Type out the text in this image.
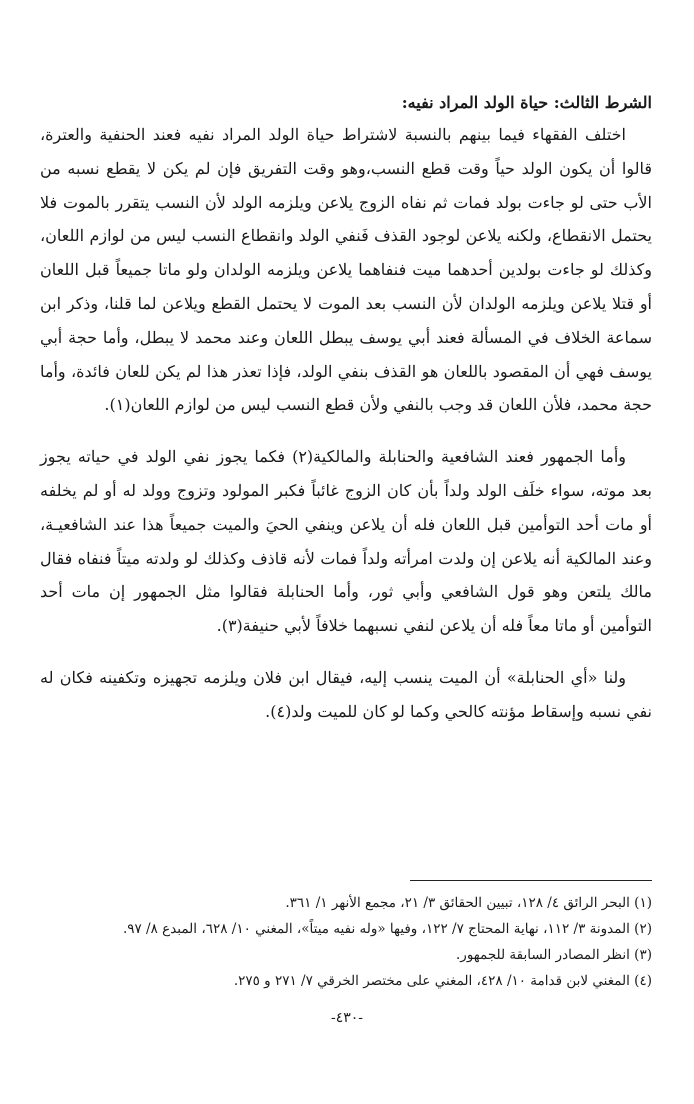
الشرط الثالث: حياة الولد المراد نفيه:

اختلف الفقهاء فيما بينهم بالنسبة لاشتراط حياة الولد المراد نفيه فعند الحنفية والعترة، قالوا أن يكون الولد حياً وقت قطع النسب،وهو وقت التفريق فإن لم يكن لا يقطع نسبه من الأب حتى لو جاءت بولد فمات ثم نفاه الزوج يلاعن ويلزمه الولد لأن النسب يتقرر بالموت فلا يحتمل الانقطاع، ولكنه يلاعن لوجود القذف فَنفي الولد وانقطاع النسب ليس من لوازم اللعان، وكذلك لو جاءت بولدين أحدهما ميت فنفاهما يلاعن ويلزمه الولدان ولو ماتا جميعاً قبل اللعان أو قتلا يلاعن ويلزمه الولدان لأن النسب بعد الموت لا يحتمل القطع ويلاعن لما قلنا، وذكر ابن سماعة الخلاف في المسألة فعند أبي يوسف يبطل اللعان وعند محمد لا يبطل، وأما حجة أبي يوسف فهي أن المقصود باللعان هو القذف بنفي الولد، فإذا تعذر هذا لم يكن للعان فائدة، وأما حجة محمد، فلأن اللعان قد وجب بالنفي ولأن قطع النسب ليس من لوازم اللعان(١).

وأما الجمهور فعند الشافعية والحنابلة والمالكية(٢) فكما يجوز نفي الولد في حياته يجوز بعد موته، سواء خلَف الولد ولداً بأن كان الزوج غائباً فكبر المولود وتزوج وولد له أو لم يخلفه أو مات أحد التوأمين قبل اللعان فله أن يلاعن وينفي الحيَ والميت جميعاً هذا عند الشافعيـة، وعند المالكية أنه يلاعن إن ولدت امرأته ولداً فمات لأنه قاذف وكذلك لو ولدته ميتاً فنفاه فقال مالك يلتعن وهو قول الشافعي وأبي ثور، وأما الحنابلة فقالوا مثل الجمهور إن مات أحد التوأمين أو ماتا معاً فله أن يلاعن لنفي نسبهما خلافاً لأبي حنيفة(٣).

ولنا «أي الحنابلة» أن الميت ينسب إليه، فيقال ابن فلان ويلزمه تجهيزه وتكفينه فكان له نفي نسبه وإسقاط مؤنته كالحي وكما لو كان للميت ولد(٤).

(١) البحر الرائق ٤/ ١٢٨، تبيين الحقائق ٣/ ٢١، مجمع الأنهر ١/ ٣٦١.

(٢) المدونة ٣/ ١١٢، نهاية المحتاج ٧/ ١٢٢، وفيها «وله نفيه ميتاً»، المغني ١٠/ ٦٢٨، المبدع ٨/ ٩٧.

(٣) انظر المصادر السابقة للجمهور.

(٤) المغني لابن قدامة ١٠/ ٤٢٨، المغني على مختصر الخرقي ٧/ ٢٧١ و ٢٧٥.

-٤٣٠-
